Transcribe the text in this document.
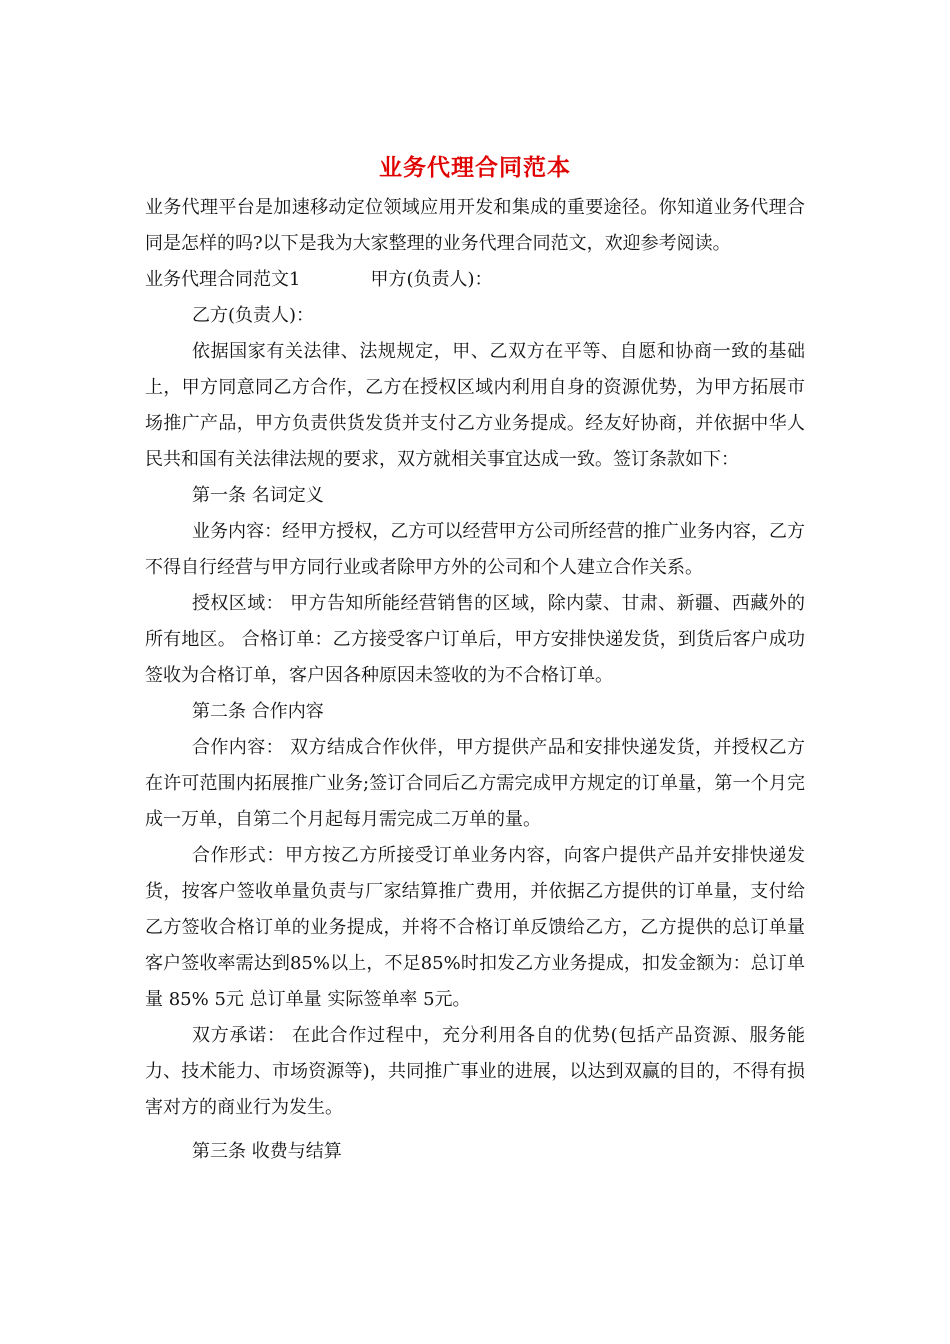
业务代理合同范本

业务代理平台是加速移动定位领域应用开发和集成的重要途径。你知道业务代理合同是怎样的吗?以下是我为大家整理的业务代理合同范文，欢迎参考阅读。

业务代理合同范文1	甲方(负责人)：

乙方(负责人)：

依据国家有关法律、法规规定，甲、乙双方在平等、自愿和协商一致的基础上，甲方同意同乙方合作，乙方在授权区域内利用自身的资源优势，为甲方拓展市场推广产品，甲方负责供货发货并支付乙方业务提成。经友好协商，并依据中华人民共和国有关法律法规的要求，双方就相关事宜达成一致。签订条款如下：

第一条 名词定义

业务内容：经甲方授权，乙方可以经营甲方公司所经营的推广业务内容，乙方不得自行经营与甲方同行业或者除甲方外的公司和个人建立合作关系。

授权区域： 甲方告知所能经营销售的区域，除内蒙、甘肃、新疆、西藏外的所有地区。 合格订单：乙方接受客户订单后，甲方安排快递发货，到货后客户成功签收为合格订单，客户因各种原因未签收的为不合格订单。

第二条 合作内容

合作内容： 双方结成合作伙伴，甲方提供产品和安排快递发货，并授权乙方在许可范围内拓展推广业务;签订合同后乙方需完成甲方规定的订单量，第一个月完成一万单，自第二个月起每月需完成二万单的量。

合作形式：甲方按乙方所接受订单业务内容，向客户提供产品并安排快递发货，按客户签收单量负责与厂家结算推广费用，并依据乙方提供的订单量，支付给乙方签收合格订单的业务提成，并将不合格订单反馈给乙方，乙方提供的总订单量客户签收率需达到85%以上，不足85%时扣发乙方业务提成，扣发金额为：总订单量 85% 5元 总订单量 实际签单率 5元。

双方承诺： 在此合作过程中，充分利用各自的优势(包括产品资源、服务能力、技术能力、市场资源等)，共同推广事业的进展，以达到双赢的目的，不得有损害对方的商业行为发生。

第三条 收费与结算
